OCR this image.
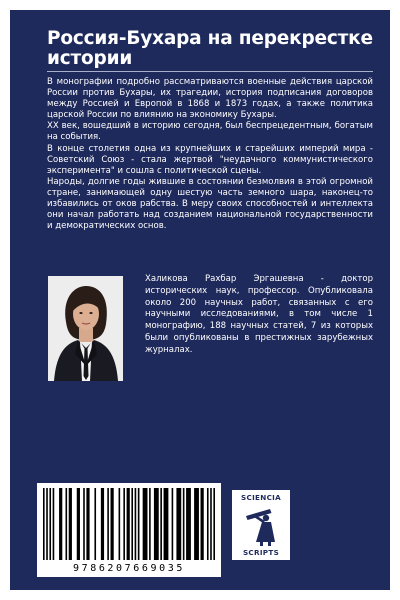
Россия-Бухара на перекрестке истории

В монографии подробно рассматриваются военные действия царской России против Бухары, их трагедии, история подписания договоров между Россией и Европой в 1868 и 1873 годах, а также политика царской России по влиянию на экономику Бухары.

XX век, вошедший в историю сегодня, был беспрецедентным, богатым на события.

В конце столетия одна из крупнейших и старейших империй мира - Советский Союз - стала жертвой "неудачного коммунистического эксперимента" и сошла с политической сцены.

Народы, долгие годы жившие в состоянии безмолвия в этой огромной стране, занимающей одну шестую часть земного шара, наконец-то избавились от оков рабства. В меру своих способностей и интеллекта они начал работать над созданием национальной государственности и демократических основ.

Халикова Рахбар Эргашевна - доктор исторических наук, профессор. Опубликовала около 200 научных работ, связанных с его научными исследованиями, в том числе 1 монографию, 188 научных статей, 7 из которых были опубликованы в престижных зарубежных журналах.

9786207669035
SCIENCIA
SCRIPTS
